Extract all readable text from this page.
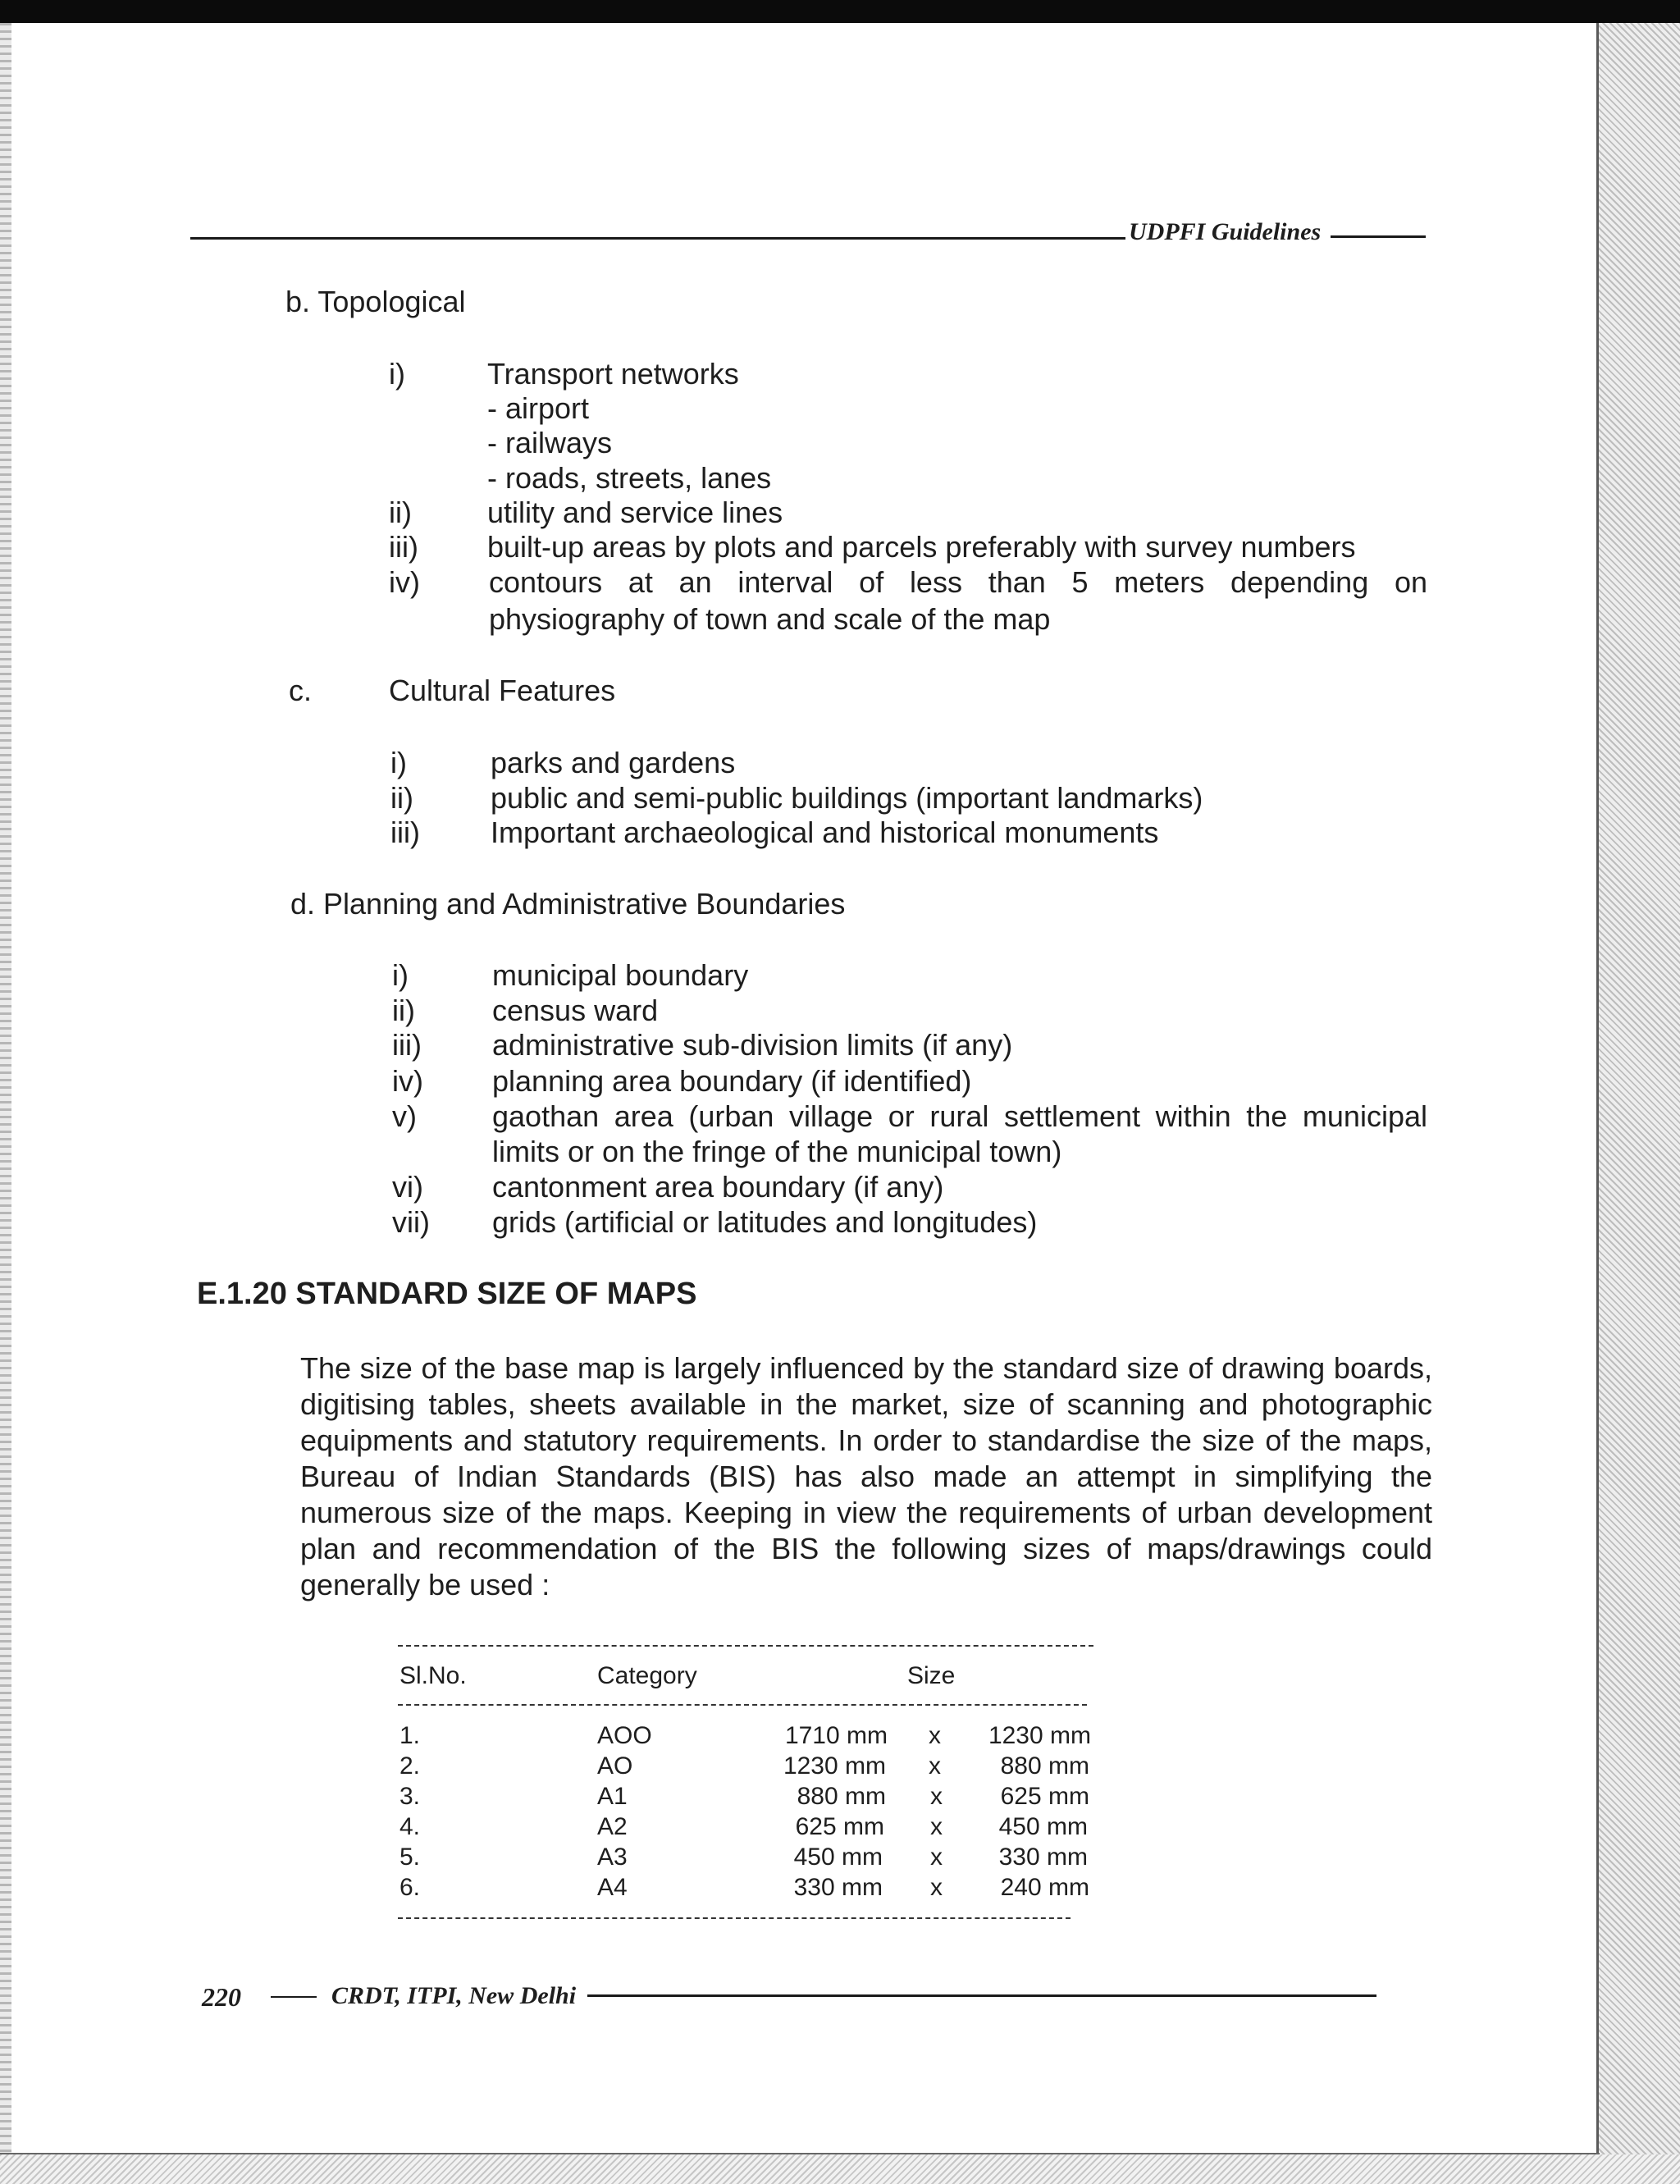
UDPFI Guidelines
b. Topological
i)	Transport networks
- airport
- railways
- roads, streets, lanes
ii)	utility and service lines
iii) built-up areas by plots and parcels preferably with survey numbers
iv) contours at an interval of less than 5 meters depending on
physiography of town and scale of the map
c.	Cultural Features
i)	parks and gardens
ii)	public and semi-public buildings (important landmarks)
iii) Important archaeological and historical monuments
d. Planning and Administrative Boundaries
i)	municipal boundary
ii)	census ward
iii) administrative sub-division limits (if any)
iv) planning area boundary (if identified)
v)	gaothan area (urban village or rural settlement within the municipal
limits or on the fringe of the municipal town)
vi) cantonment area boundary (if any)
vii) grids (artificial or latitudes and longitudes)
E.1.20 STANDARD SIZE OF MAPS
The size of the base map is largely influenced by the standard size of drawing boards, digitising tables, sheets available in the market, size of scanning and photographic equipments and statutory requirements. In order to standardise the size of the maps, Bureau of Indian Standards (BIS) has also made an attempt in simplifying the numerous size of the maps. Keeping in view the requirements of urban development plan and recommendation of the BIS the following sizes of maps/drawings could generally be used :
Sl.No.	Category	Size
1.	AOO	1710 mm x	1230 mm
2.	AO	1230 mm x	880 mm
3.	A1	880 mm x	625 mm
4.	A2	625 mm x	450 mm
5.	A3	450 mm x	330 mm
6.	A4	330 mm x	240 mm
220	CRDT, ITPI, New Delhi
